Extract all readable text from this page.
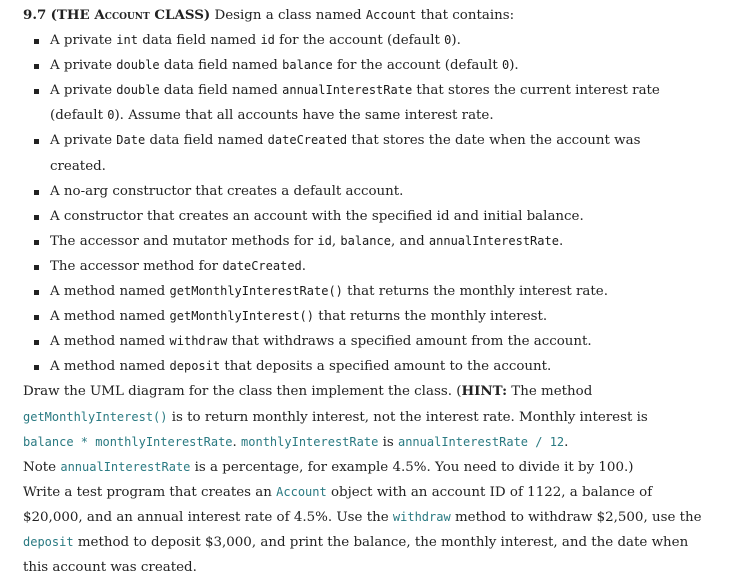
9.7 (THE Account CLASS) Design a class named Account that contains:
A private int data field named id for the account (default 0).
A private double data field named balance for the account (default 0).
A private double data field named annualInterestRate that stores the current interest rate
(default 0). Assume that all accounts have the same interest rate.
A private Date data field named dateCreated that stores the date when the account was
created.
A no-arg constructor that creates a default account.
A constructor that creates an account with the specified id and initial balance.
The accessor and mutator methods for id, balance, and annualInterestRate.
The accessor method for dateCreated.
A method named getMonthlyInterestRate() that returns the monthly interest rate.
A method named getMonthlyInterest() that returns the monthly interest.
A method named withdraw that withdraws a specified amount from the account.
A method named deposit that deposits a specified amount to the account.
Draw the UML diagram for the class then implement the class. (HINT: The method
getMonthlyInterest() is to return monthly interest, not the interest rate. Monthly interest is
balance * monthlyInterestRate. monthlyInterestRate is annualInterestRate / 12.
Note annualInterestRate is a percentage, for example 4.5%. You need to divide it by 100.)
Write a test program that creates an Account object with an account ID of 1122, a balance of
$20,000, and an annual interest rate of 4.5%. Use the withdraw method to withdraw $2,500, use the
deposit method to deposit $3,000, and print the balance, the monthly interest, and the date when
this account was created.
